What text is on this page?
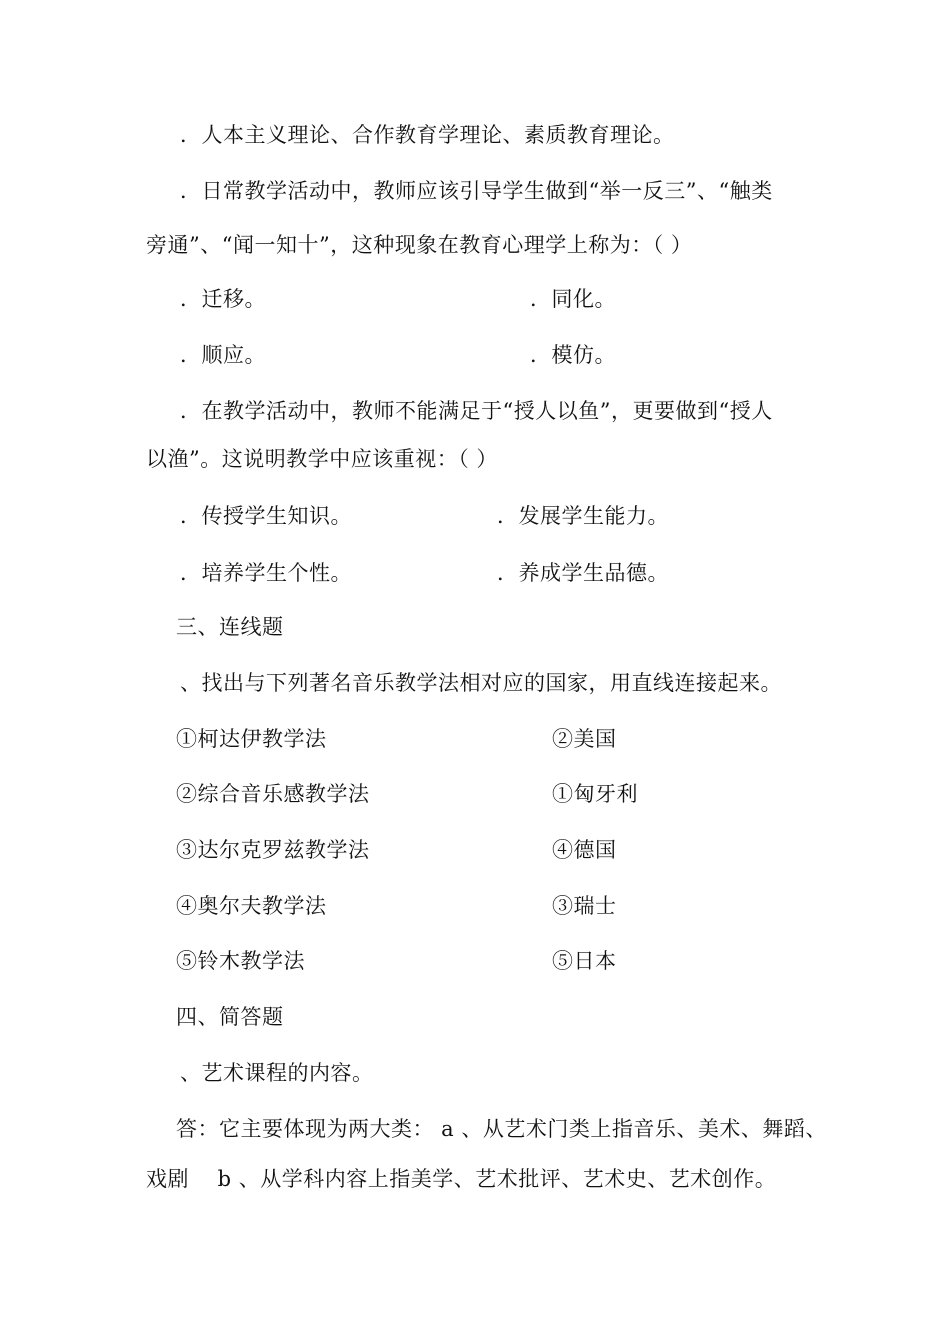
．人本主义理论、合作教育学理论、素质教育理论。
．日常教学活动中，教师应该引导学生做到“举一反三”、“触类
旁通”、“闻一知十”，这种现象在教育心理学上称为：（ ）
．迁移。	．同化。
．顺应。	．模仿。
．在教学活动中，教师不能满足于“授人以鱼”，更要做到“授人
以渔”。这说明教学中应该重视：（ ）
．传授学生知识。	．发展学生能力。
．培养学生个性。	．养成学生品德。
三、连线题
、找出与下列著名音乐教学法相对应的国家，用直线连接起来。
①柯达伊教学法	②美国
②综合音乐感教学法	①匈牙利
③达尔克罗兹教学法	④德国
④奥尔夫教学法	③瑞士
⑤铃木教学法	⑤日本
四、简答题
、艺术课程的内容。
答：它主要体现为两大类： a 、从艺术门类上指音乐、美术、舞蹈、
戏剧　 b 、从学科内容上指美学、艺术批评、艺术史、艺术创作。
